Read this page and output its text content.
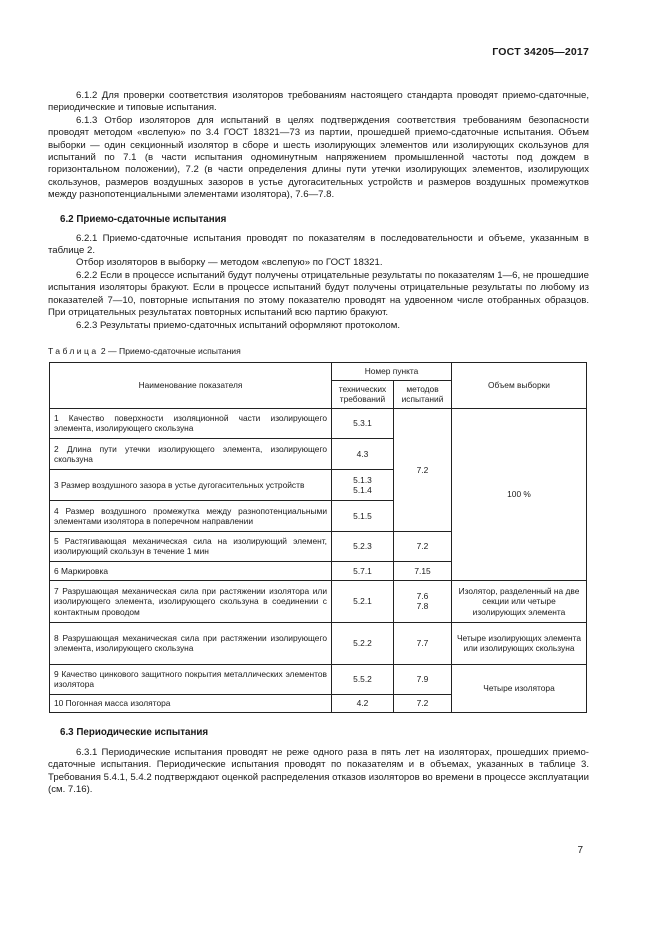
ГОСТ 34205—2017

6.1.2 Для проверки соответствия изоляторов требованиям настоящего стандарта проводят приемо-сдаточные, периодические и типовые испытания.

6.1.3 Отбор изоляторов для испытаний в целях подтверждения соответствия требованиям безопасности проводят методом «вслепую» по 3.4 ГОСТ 18321—73 из партии, прошедшей приемо-сдаточные испытания. Объем выборки — один секционный изолятор в сборе и шесть изолирующих элементов или изолирующих скользунов для испытаний по 7.1 (в части испытания одноминутным напряжением промышленной частоты под дождем в горизонтальном положении), 7.2 (в части определения длины пути утечки изолирующих элементов, изолирующих скользунов, размеров воздушных зазоров в устье дугогасительных устройств и размеров воздушных промежутков между разнопотенциальными элементами изолятора), 7.6—7.8.

6.2 Приемо-сдаточные испытания

6.2.1 Приемо-сдаточные испытания проводят по показателям в последовательности и объеме, указанным в таблице 2.

Отбор изоляторов в выборку — методом «вслепую» по ГОСТ 18321.

6.2.2 Если в процессе испытаний будут получены отрицательные результаты по показателям 1—6, не прошедшие испытания изоляторы бракуют. Если в процессе испытаний будут получены отрицательные результаты по любому из показателей 7—10, повторные испытания по этому показателю проводят на удвоенном числе отобранных образцов. При отрицательных результатах повторных испытаний всю партию бракуют.

6.2.3 Результаты приемо-сдаточных испытаний оформляют протоколом.

Таблица 2 — Приемо-сдаточные испытания

Наименование показателя	Номер пункта		Объем выборки
	технических требований	методов испытаний	
1 Качество поверхности изоляционной части изолирующего элемента, изолирующего скользуна	5.3.1	7.2	100 %
2 Длина пути утечки изолирующего элемента, изолирующего скользуна	4.3		
3 Размер воздушного зазора в устье дугогасительных устройств	5.1.3
5.1.4		
4 Размер воздушного промежутка между разнопотенциальными элементами изолятора в поперечном направлении	5.1.5		
5 Растягивающая механическая сила на изолирующий элемент, изолирующий скользун в течение 1 мин	5.2.3	7.2	
6 Маркировка	5.7.1	7.15	
7 Разрушающая механическая сила при растяжении изолятора или изолирующего элемента, изолирующего скользуна в соединении с контактным проводом	5.2.1	7.6
7.8	Изолятор, разделенный на две секции или четыре изолирующих элемента
8 Разрушающая механическая сила при растяжении изолирующего элемента, изолирующего скользуна	5.2.2	7.7	Четыре изолирующих элемента или изолирующих скользуна
9 Качество цинкового защитного покрытия металлических элементов изолятора	5.5.2	7.9	Четыре изолятора
10 Погонная масса изолятора	4.2	7.2	

6.3 Периодические испытания

6.3.1 Периодические испытания проводят не реже одного раза в пять лет на изоляторах, прошедших приемо-сдаточные испытания. Периодические испытания проводят по показателям и в объемах, указанных в таблице 3. Требования 5.4.1, 5.4.2 подтверждают оценкой распределения отказов изоляторов во времени в процессе эксплуатации (см. 7.16).

7
